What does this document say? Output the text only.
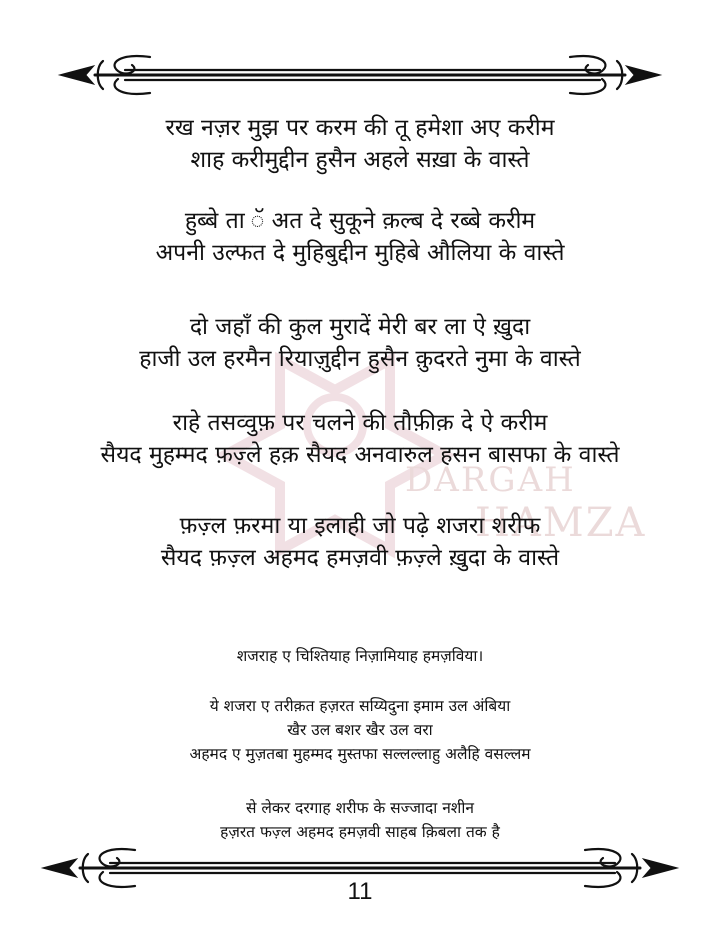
DARGAH
HAMZA
रख नज़र मुझ पर करम की तू हमेशा अए करीम
शाह करीमुद्दीन हुसैन अहले सख़ा के वास्ते
हुब्बे ता ॅ अत दे सुकूने क़ल्ब दे रब्बे करीम
अपनी उल्फत दे मुहिबुद्दीन मुहिबे औलिया के वास्ते
दो जहाँ की कुल मुरादें मेरी बर ला ऐ ख़ुदा
हाजी उल हरमैन रियाज़ुद्दीन हुसैन क़ुदरते नुमा के वास्ते
राहे तसव्वुफ़ पर चलने की तौफ़ीक़ दे ऐ करीम
सैयद मुहम्मद फ़ज़्ले हक़ सैयद अनवारुल हसन बासफा के वास्ते
फ़ज़्ल फ़रमा या इलाही जो पढ़े शजरा शरीफ
सैयद फ़ज़्ल अहमद हमज़वी फ़ज़्ले ख़ुदा के वास्ते
शजराह ए चिश्तियाह निज़ामियाह हमज़विया।
ये शजरा ए तरीक़त हज़रत सय्यिदुना इमाम उल अंबिया
खैर उल बशर खैर उल वरा
अहमद ए मुज़तबा मुहम्मद मुस्तफा सल्लल्लाहु अलैहि वसल्लम
से लेकर दरगाह शरीफ के सज्जादा नशीन
हज़रत फज़्ल अहमद हमज़वी साहब क़िबला तक है
11
